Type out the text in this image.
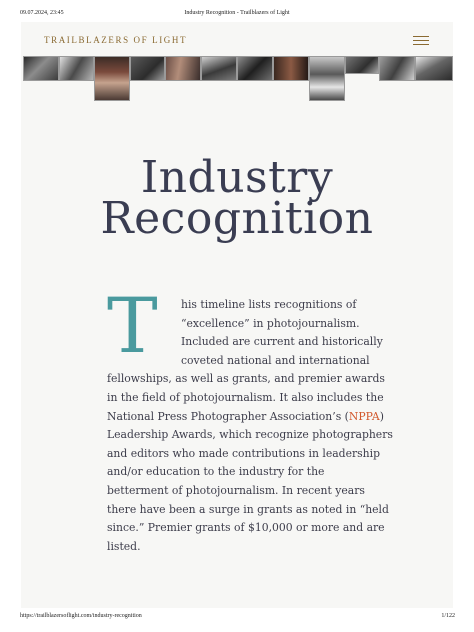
09.07.2024, 23:45	Industry Recognition - Trailblazers of Light
TRAILBLAZERS OF LIGHT
Industry
Recognition
T	his timeline lists recognitions of
“excellence” in photojournalism.
Included are current and historically
coveted national and international
fellowships, as well as grants, and premier awards
in the field of photojournalism. It also includes the
National Press Photographer Association’s (NPPA)
Leadership Awards, which recognize photographers
and editors who made contributions in leadership
and/or education to the industry for the
betterment of photojournalism. In recent years
there have been a surge in grants as noted in “held
since.” Premier grants of $10,000 or more and are
listed.
https://trailblazersoflight.com/industry-recognition	1/122
